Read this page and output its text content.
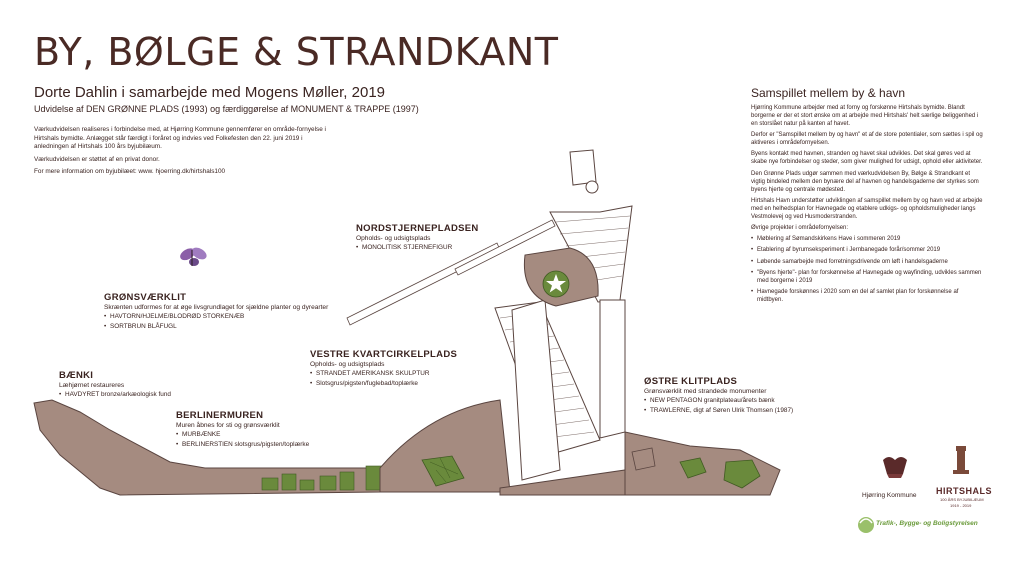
BY, BØLGE & STRANDKANT
Dorte Dahlin i samarbejde med Mogens Møller, 2019
Udvidelse af DEN GRØNNE PLADS (1993) og færdiggørelse af MONUMENT & TRAPPE (1997)

Værkudvidelsen realiseres i forbindelse med, at Hjørring Kommune gennemfører en område-fornyelse i Hirtshals bymidte. Anlægget står færdigt i foråret og indvies ved Folkefesten den 22. juni 2019 i anledningen af Hirtshals 100 års byjubilæum.

Værkudvidelsen er støttet af en privat donor.

For mere information om byjubilæet: www. hjoerring.dk/hirtshals100

Samspillet mellem by & havn

Hjørring Kommune arbejder med at forny og forskønne Hirtshals bymidte. Blandt borgerne er der et stort ønske om at arbejde med Hirtshals' helt særlige beliggenhed i en storslået natur på kanten af havet.

Derfor er "Samspillet mellem by og havn" et af de store potentialer, som sættes i spil og aktiveres i områdefornyelsen.

Byens kontakt med havnen, stranden og havet skal udvikles. Det skal gøres ved at skabe nye forbindelser og steder, som giver mulighed for udsigt, ophold eller aktiviteter.

Den Grønne Plads udgør sammen med værkudvidelsen By, Bølge & Strandkant et vigtig bindeled mellem den bynære del af havnen og handelsgaderne der styrkes som byens hjerte og centrale mødested.

Hirtshals Havn understøtter udviklingen af samspillet mellem by og havn ved at arbejde med en helhedsplan for Havnegade og etablere udkigs- og opholdsmuligheder langs Vestmolevej og ved Husmoderstranden.

Øvrige projekter i områdefornyelsen:

• Møblering af Sømandskirkens Have i sommeren 2019
• Etablering af byrumseksperiment i Jernbanegade forår/sommer 2019
• Løbende samarbejde med forretningsdrivende om løft i handelsgaderne
• "Byens hjerte"- plan for forskønnelse af Havnegade og wayfinding, udvikles sammen med borgerne i 2019
• Havnegade forskønnes i 2020 som en del af samlet plan for forskønnelse af midtbyen.
NORDSTJERNEPLADSEN
Opholds- og udsigtsplads
• MONOLITISK STJERNEFIGUR
GRØNSVÆRKLIT
Skrænten udformes for at øge livsgrundlaget for sjældne planter og dyrearter
• HAVTORN/HJELME/BLODRØD STORKENÆB
• SORTBRUN BLÅFUGL
VESTRE KVARTCIRKELPLADS
Opholds- og udsigtsplads
• STRANDET AMERIKANSK SKULPTUR
• Slotsgrus/pigsten/fuglebad/toplærke
BÆNKI
Læhjørnet restaureres
• HAVDYRET bronze/arkæologisk fund
BERLINERMUREN
Muren åbnes for sti og grønsværklit
• MURBÆNKE
• BERLINERSTIEN slotsgrus/pigsten/toplærke
ØSTRE KLITPLADS
Grønsværklit med strandede monumenter
• NEW PENTAGON granitplateau/årets bænk
• TRAWLERNE, digt af Søren Ulrik Thomsen (1987)
Hjørring Kommune HIRTSHALS
100 ÅRS BYJUBILÆUM
1919 - 2019
Trafik-, Bygge- og Boligstyrelsen
